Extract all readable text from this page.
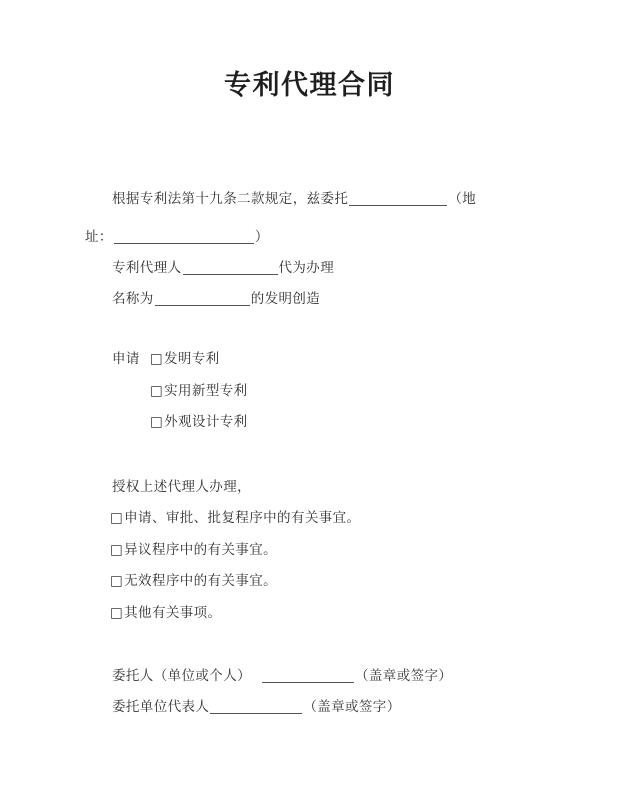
专利代理合同
根据专利法第十九条二款规定，兹委托	（地
址：	）
专利代理人	代为办理
名称为	的发明创造
申请 □发明专利
□实用新型专利
□外观设计专利
授权上述代理人办理，
□申请、审批、批复程序中的有关事宜。
□异议程序中的有关事宜。
□无效程序中的有关事宜。
□其他有关事项。
委托人（单位或个人）	（盖章或签字）
委托单位代表人	（盖章或签字）
